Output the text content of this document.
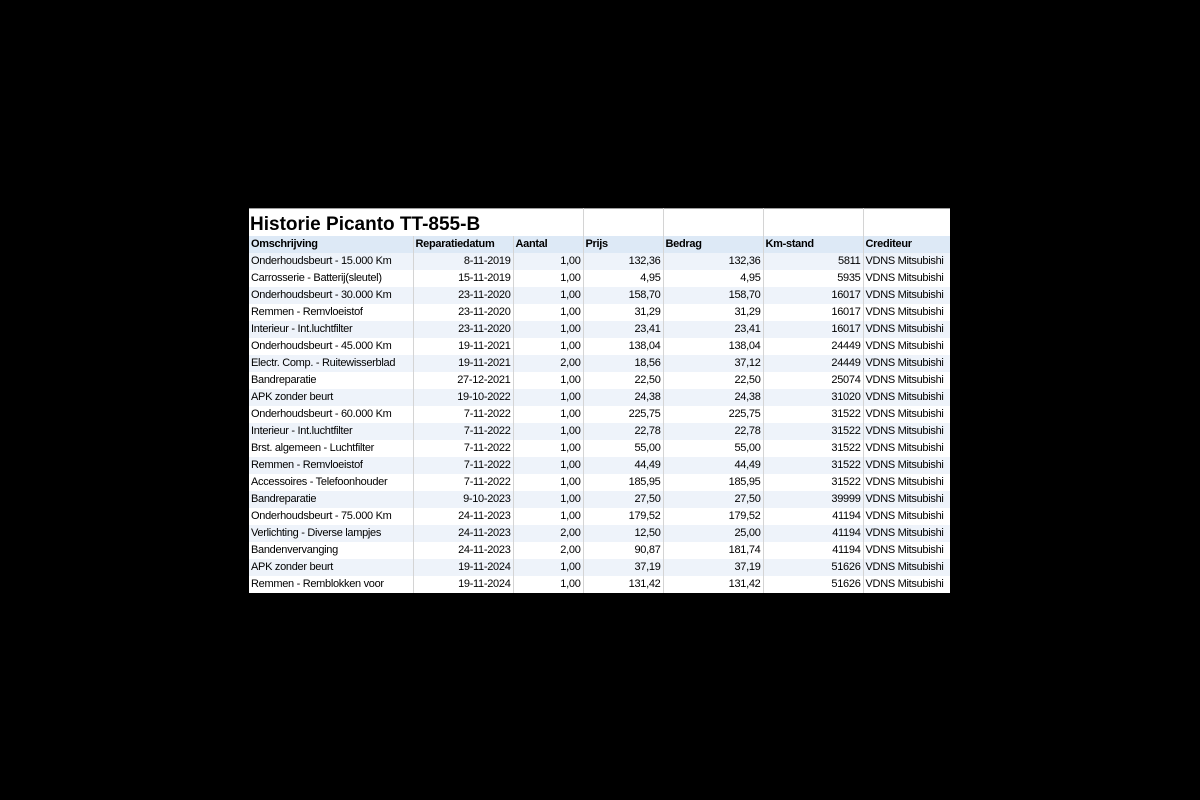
Historie Picanto TT-855-B						
Omschrijving	Reparatiedatum	Aantal	Prijs	Bedrag	Km-stand	Crediteur
Onderhoudsbeurt - 15.000 Km	8-11-2019	1,00	132,36	132,36	5811	VDNS Mitsubishi
Carrosserie - Batterij(sleutel)	15-11-2019	1,00	4,95	4,95	5935	VDNS Mitsubishi
Onderhoudsbeurt - 30.000 Km	23-11-2020	1,00	158,70	158,70	16017	VDNS Mitsubishi
Remmen - Remvloeistof	23-11-2020	1,00	31,29	31,29	16017	VDNS Mitsubishi
Interieur - Int.luchtfilter	23-11-2020	1,00	23,41	23,41	16017	VDNS Mitsubishi
Onderhoudsbeurt - 45.000 Km	19-11-2021	1,00	138,04	138,04	24449	VDNS Mitsubishi
Electr. Comp. - Ruitewisserblad	19-11-2021	2,00	18,56	37,12	24449	VDNS Mitsubishi
Bandreparatie	27-12-2021	1,00	22,50	22,50	25074	VDNS Mitsubishi
APK zonder beurt	19-10-2022	1,00	24,38	24,38	31020	VDNS Mitsubishi
Onderhoudsbeurt - 60.000 Km	7-11-2022	1,00	225,75	225,75	31522	VDNS Mitsubishi
Interieur - Int.luchtfilter	7-11-2022	1,00	22,78	22,78	31522	VDNS Mitsubishi
Brst. algemeen - Luchtfilter	7-11-2022	1,00	55,00	55,00	31522	VDNS Mitsubishi
Remmen - Remvloeistof	7-11-2022	1,00	44,49	44,49	31522	VDNS Mitsubishi
Accessoires - Telefoonhouder	7-11-2022	1,00	185,95	185,95	31522	VDNS Mitsubishi
Bandreparatie	9-10-2023	1,00	27,50	27,50	39999	VDNS Mitsubishi
Onderhoudsbeurt - 75.000 Km	24-11-2023	1,00	179,52	179,52	41194	VDNS Mitsubishi
Verlichting - Diverse lampjes	24-11-2023	2,00	12,50	25,00	41194	VDNS Mitsubishi
Bandenvervanging	24-11-2023	2,00	90,87	181,74	41194	VDNS Mitsubishi
APK zonder beurt	19-11-2024	1,00	37,19	37,19	51626	VDNS Mitsubishi
Remmen - Remblokken voor	19-11-2024	1,00	131,42	131,42	51626	VDNS Mitsubishi
